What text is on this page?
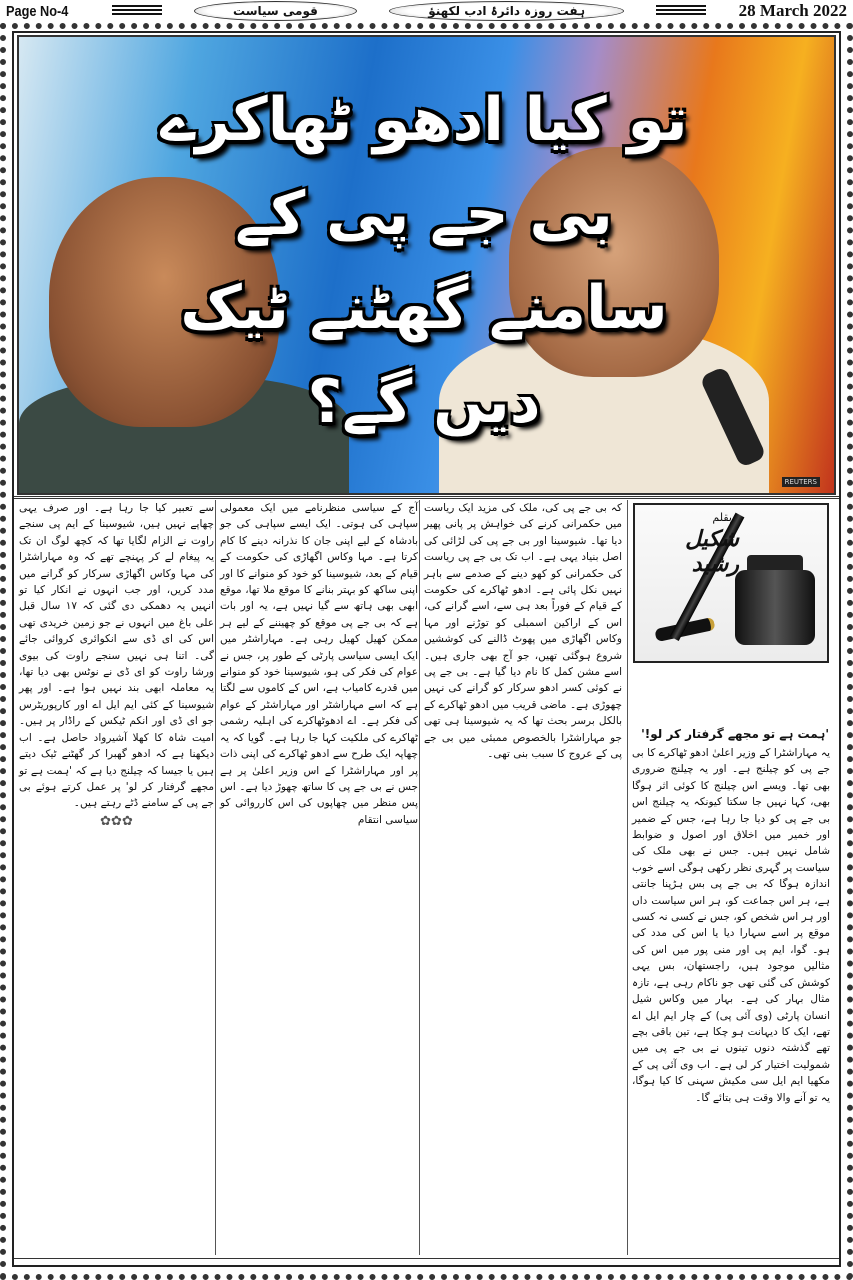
Page No-4	قومی سیاست	ہفت روزہ دائرۂ ادب لکھنؤ	28 March 2022
تو کیا ادھو ٹھاکرے
بی جے پی کے
سامنے گھٹنے ٹیک
دیں گے؟
REUTERS
بقلم
شکیل رشید
'ہمت ہے تو مجھے گرفتار کر لو!'

یہ مہاراشٹرا کے وزیر اعلیٰ ادھو ٹھاکرے کا بی جے پی کو چیلنج ہے۔ اور یہ چیلنج ضروری بھی تھا۔ ویسے اس چیلنج کا کوئی اثر ہوگا بھی، کہا نہیں جا سکتا کیونکہ یہ چیلنج اس بی جے پی کو دیا جا رہا ہے، جس کے ضمیر اور خمیر میں اخلاق اور اصول و ضوابط شامل نہیں ہیں۔ جس نے بھی ملک کی سیاست پر گہری نظر رکھی ہوگی اسے خوب اندازہ ہوگا کہ بی جے پی بس ہڑپنا جانتی ہے، ہر اس جماعت کو، ہر اس سیاست داں اور ہر اس شخص کو، جس نے کسی نہ کسی موقع پر اسے سہارا دیا یا اس کی مدد کی ہو۔ گوا، ایم پی اور منی پور میں اس کی مثالیں موجود ہیں، راجستھان، بس یہی کوشش کی گئی تھی جو ناکام رہی ہے، تازہ مثال بہار کی ہے۔ بہار میں وکاس شیل انسان پارٹی (وی آئی پی) کے چار ایم ایل اے تھے، ایک کا دیہانت ہو چکا ہے، تین باقی بچے تھے گذشتہ دنوں تینوں نے بی جے پی میں شمولیت اختیار کر لی ہے۔ اب وی آئی پی کے مکھیا ایم ایل سی مکیش سہنی کا کیا ہوگا، یہ تو آنے والا وقت ہی بتائے گا۔

کہ بی جے پی کی، ملک کی مزید ایک ریاست میں حکمرانی کرنے کی خواہش پر پانی پھیر دیا تھا۔ شیوسینا اور بی جے پی کی لڑائی کی اصل بنیاد یہی ہے۔ اب تک بی جے پی ریاست کی حکمرانی کو کھو دینے کے صدمے سے باہر نہیں نکل پائی ہے۔ ادھو ٹھاکرے کی حکومت کے قیام کے فوراً بعد ہی سے، اسے گرانے کی، اس کے اراکین اسمبلی کو توڑنے اور مہا وکاس اگھاڑی میں پھوٹ ڈالنے کی کوششیں شروع ہوگئی تھیں، جو آج بھی جاری ہیں۔ اسے مشن کمل کا نام دیا گیا ہے۔ بی جے پی نے کوئی کسر ادھو سرکار کو گرانے کی نہیں چھوڑی ہے۔ ماضی قریب میں ادھو ٹھاکرے کے بالکل برسر بحث تھا کہ یہ شیوسینا ہی تھی جو مہاراشٹرا بالخصوص ممبئی میں بی جے پی کے عروج کا سبب بنی تھی۔

آج کے سیاسی منظرنامے میں ایک معمولی سپاہی کی ہوتی۔ ایک ایسے سپاہی کی جو بادشاہ کے لیے اپنی جان کا نذرانہ دینے کا کام کرتا ہے۔ مہا وکاس اگھاڑی کی حکومت کے قیام کے بعد، شیوسینا کو خود کو منوانے کا اور اپنی ساکھ کو بہتر بنانے کا موقع ملا تھا، موقع ابھی بھی ہاتھ سے گیا نہیں ہے، یہ اور بات ہے کہ بی جے پی موقع کو چھیننے کے لیے ہر ممکن کھیل کھیل رہی ہے۔ مہاراشٹر میں ایک ایسی سیاسی پارٹی کے طور پر، جس نے عوام کی فکر کی ہو، شیوسینا خود کو منوانے میں قدرے کامیاب ہے، اس کے کاموں سے لگتا ہے کہ اسے مہاراشٹر اور مہاراشٹر کے عوام کی فکر ہے۔ اے ادھوٹھاکرے کی اہلیہ رشمی ٹھاکرے کی ملکیت کہا جا رہا ہے۔ گویا کہ یہ چھاپہ ایک طرح سے ادھو ٹھاکرے کی اپنی ذات پر اور مہاراشٹرا کے اس وزیر اعلیٰ پر ہے جس نے بی جے پی کا ساتھ چھوڑ دیا ہے۔ اس پس منظر میں چھاپوں کی اس کارروائی کو سیاسی انتقام

سے تعبیر کیا جا رہا ہے۔ اور صرف یہی چھاپے نہیں ہیں، شیوسینا کے ایم پی سنجے راوت نے الزام لگایا تھا کہ کچھ لوگ ان تک یہ پیغام لے کر پہنچے تھے کہ وہ مہاراشٹرا کی مہا وکاس اگھاڑی سرکار کو گرانے میں مدد کریں، اور جب انہوں نے انکار کیا تو انہیں یہ دھمکی دی گئی کہ ۱۷ سال قبل علی باغ میں انہوں نے جو زمین خریدی تھی اس کی ای ڈی سے انکوائری کروائی جائے گی۔ اتنا ہی نہیں سنجے راوت کی بیوی ورشا راوت کو ای ڈی نے نوٹس بھی دیا تھا، یہ معاملہ ابھی بند نہیں ہوا ہے۔ اور پھر شیوسینا کے کئی ایم ایل اے اور کارپوریٹرس جو ای ڈی اور انکم ٹیکس کے راڈار پر ہیں۔ امیت شاہ کا کھلا آشیرواد حاصل ہے۔ اب دیکھنا ہے کہ ادھو گھبرا کر گھٹنے ٹیک دیتے ہیں یا جیسا کہ چیلنج دیا ہے کہ 'ہمت ہے تو مجھے گرفتار کر لو' پر عمل کرتے ہوئے بی جے پی کے سامنے ڈٹے رہتے ہیں۔

✿✿✿
